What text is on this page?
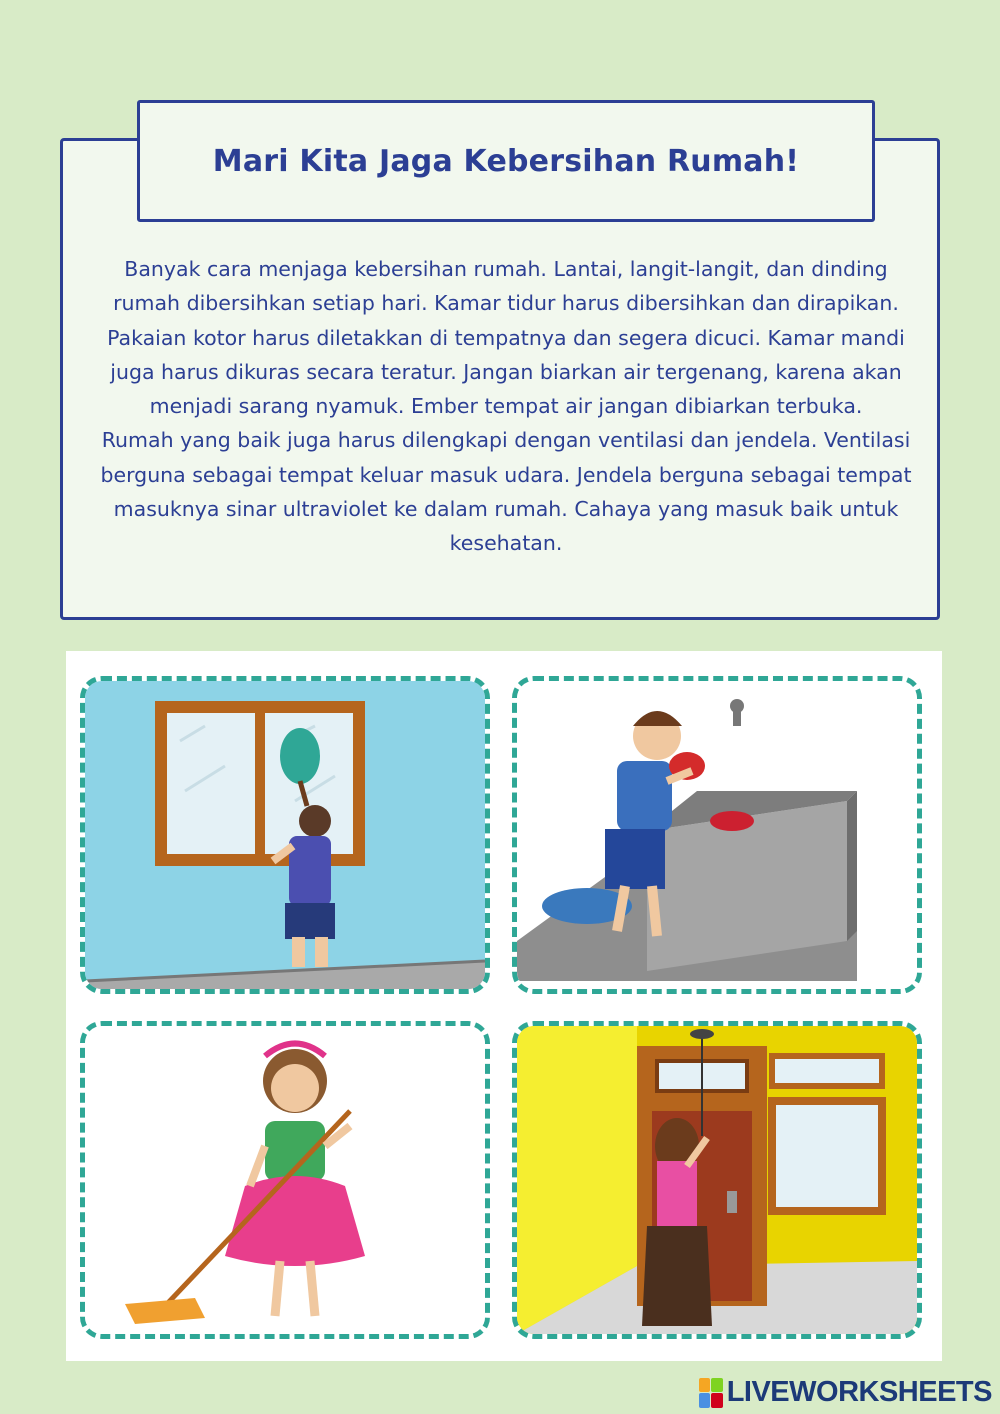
Mari Kita Jaga Kebersihan Rumah!

Banyak cara menjaga kebersihan rumah. Lantai, langit-langit, dan dinding rumah dibersihkan setiap hari. Kamar tidur harus dibersihkan dan dirapikan. Pakaian kotor harus diletakkan di tempatnya dan segera dicuci. Kamar mandi juga harus dikuras secara teratur. Jangan biarkan air tergenang, karena akan menjadi sarang nyamuk. Ember tempat air jangan dibiarkan terbuka.

Rumah yang baik juga harus dilengkapi dengan ventilasi dan jendela. Ventilasi berguna sebagai tempat keluar masuk udara. Jendela berguna sebagai tempat masuknya sinar ultraviolet ke dalam rumah. Cahaya yang masuk baik untuk kesehatan.

LIVEWORKSHEETS
